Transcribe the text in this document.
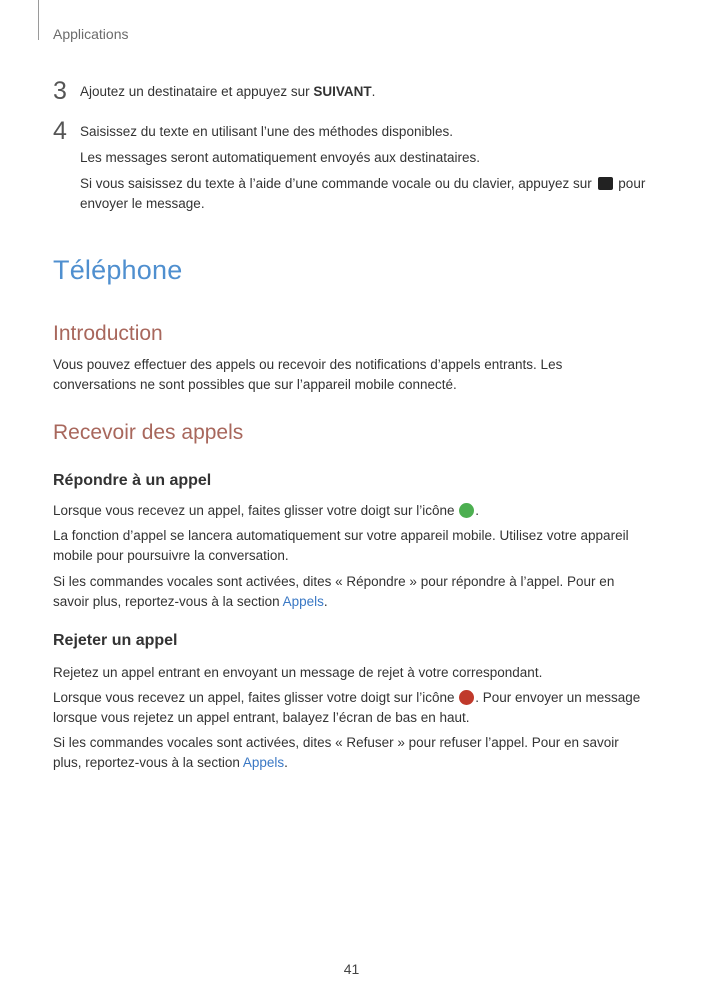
Applications
3 Ajoutez un destinataire et appuyez sur SUIVANT.

4 Saisissez du texte en utilisant l’une des méthodes disponibles.

Les messages seront automatiquement envoyés aux destinataires.

Si vous saisissez du texte à l’aide d’une commande vocale ou du clavier, appuyez sur  pour envoyer le message.

Téléphone
Introduction

Vous pouvez effectuer des appels ou recevoir des notifications d’appels entrants. Les conversations ne sont possibles que sur l’appareil mobile connecté.

Recevoir des appels
Répondre à un appel

Lorsque vous recevez un appel, faites glisser votre doigt sur l’icône .

La fonction d’appel se lancera automatiquement sur votre appareil mobile. Utilisez votre appareil mobile pour poursuivre la conversation.

Si les commandes vocales sont activées, dites « Répondre » pour répondre à l’appel. Pour en savoir plus, reportez-vous à la section Appels.

Rejeter un appel

Rejetez un appel entrant en envoyant un message de rejet à votre correspondant.

Lorsque vous recevez un appel, faites glisser votre doigt sur l’icône . Pour envoyer un message lorsque vous rejetez un appel entrant, balayez l’écran de bas en haut.

Si les commandes vocales sont activées, dites « Refuser » pour refuser l’appel. Pour en savoir plus, reportez-vous à la section Appels.

41
